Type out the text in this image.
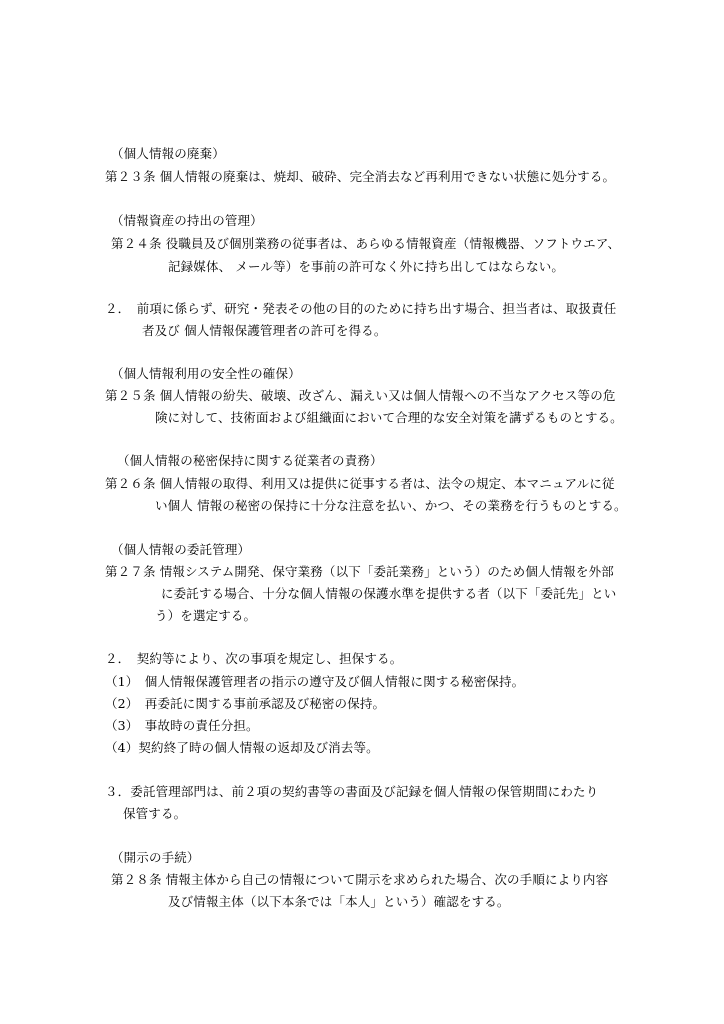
（個人情報の廃棄）
第２３条 個人情報の廃棄は、焼却、破砕、完全消去など再利用できない状態に処分する。
（情報資産の持出の管理）
第２４条 役職員及び個別業務の従事者は、あらゆる情報資産（情報機器、ソフトウエア、
記録媒体、 メール等）を事前の許可なく外に持ち出してはならない。
２．　前項に係らず、研究・発表その他の目的のために持ち出す場合、担当者は、取扱責任
者及び 個人情報保護管理者の許可を得る。
（個人情報利用の安全性の確保）
第２５条 個人情報の紛失、破壊、改ざん、漏えい又は個人情報への不当なアクセス等の危
険に対して、技術面および組織面において合理的な安全対策を講ずるものとする。
（個人情報の秘密保持に関する従業者の責務）
第２６条 個人情報の取得、利用又は提供に従事する者は、法令の規定、本マニュアルに従
い個人 情報の秘密の保持に十分な注意を払い、かつ、その業務を行うものとする。
（個人情報の委託管理）
第２７条 情報システム開発、保守業務（以下「委託業務」という）のため個人情報を外部
に委託する場合、十分な個人情報の保護水準を提供する者（以下「委託先」とい
う）を選定する。
２．　契約等により、次の事項を規定し、担保する。
（1）　個人情報保護管理者の指示の遵守及び個人情報に関する秘密保持。
（2）　再委託に関する事前承認及び秘密の保持。
（3）　事故時の責任分担。
（4）契約終了時の個人情報の返却及び消去等。
３．委託管理部門は、前２項の契約書等の書面及び記録を個人情報の保管期間にわたり
保管する。
（開示の手続）
第２８条 情報主体から自己の情報について開示を求められた場合、次の手順により内容
及び情報主体（以下本条では「本人」という）確認をする。
